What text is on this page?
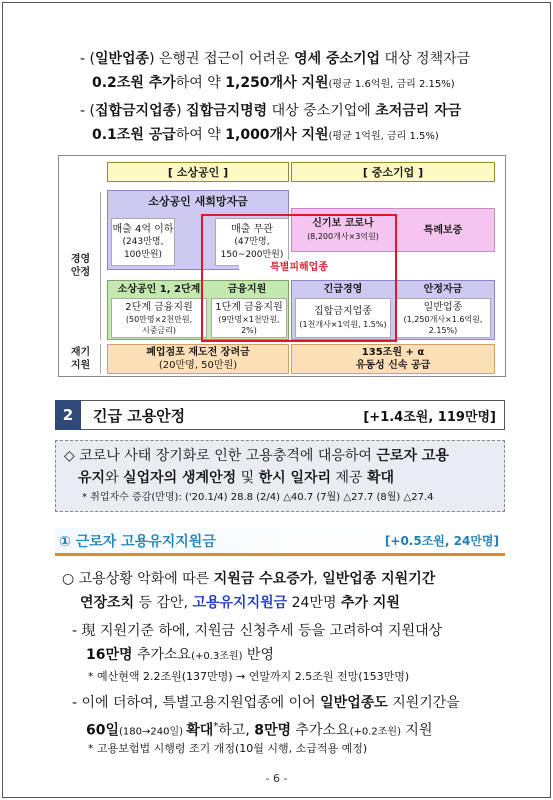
- (일반업종) 은행권 접근이 어려운 영세 중소기업 대상 정책자금
0.2조원 추가하여 약 1,250개사 지원(평균 1.6억원, 금리 2.15%)
- (집합금지업종) 집합금지명령 대상 중소기업에 초저금리 자금
0.1조원 공급하여 약 1,000개사 지원(평균 1억원, 금리 1.5%)
[ 소상공인 ]	[ 중소기업 ]
경영
안정
재기
지원
소상공인 새희망자금
매출 4억 이하
(243만명,
100만원)
매출 무관
(47만명,
150~200만원)
신기보 코로나
(8,200개사×3억원)
특례보증
소상공인 1, 2단계	금융지원
2단계 금융지원
(50만명×2천만원,
시중금리)
1단계 금융지원
(9만명×1천만원,
2%)
긴급경영	안정자금
집합금지업종
(1천개사×1억원, 1.5%)
일반업종
(1,250개사×1.6억원,
2.15%)
특별피해업종
폐업점포 재도전 장려금
(20만명, 50만원)
135조원 + α
유동성 신속 공급
2	긴급 고용안정	[+1.4조원, 119만명]
◇ 코로나 사태 장기화로 인한 고용충격에 대응하여 근로자 고용
유지와 실업자의 생계안정 및 한시 일자리 제공 확대
* 취업자수 증감(만명): ('20.1/4) 28.8 (2/4) △40.7 (7월) △27.7 (8월) △27.4
① 근로자 고용유지지원금	[+0.5조원, 24만명]
○ 고용상황 악화에 따른 지원금 수요증가, 일반업종 지원기간
연장조치 등 감안, 고용유지지원금 24만명 추가 지원
- 現 지원기준 하에, 지원금 신청추세 등을 고려하여 지원대상
16만명 추가소요(+0.3조원) 반영
* 예산현액 2.2조원(137만명) → 연말까지 2.5조원 전망(153만명)
- 이에 더하여, 특별고용지원업종에 이어 일반업종도 지원기간을
60일(180→240일) 확대*하고, 8만명 추가소요(+0.2조원) 지원
* 고용보험법 시행령 조기 개정(10월 시행, 소급적용 예정)
- 6 -
